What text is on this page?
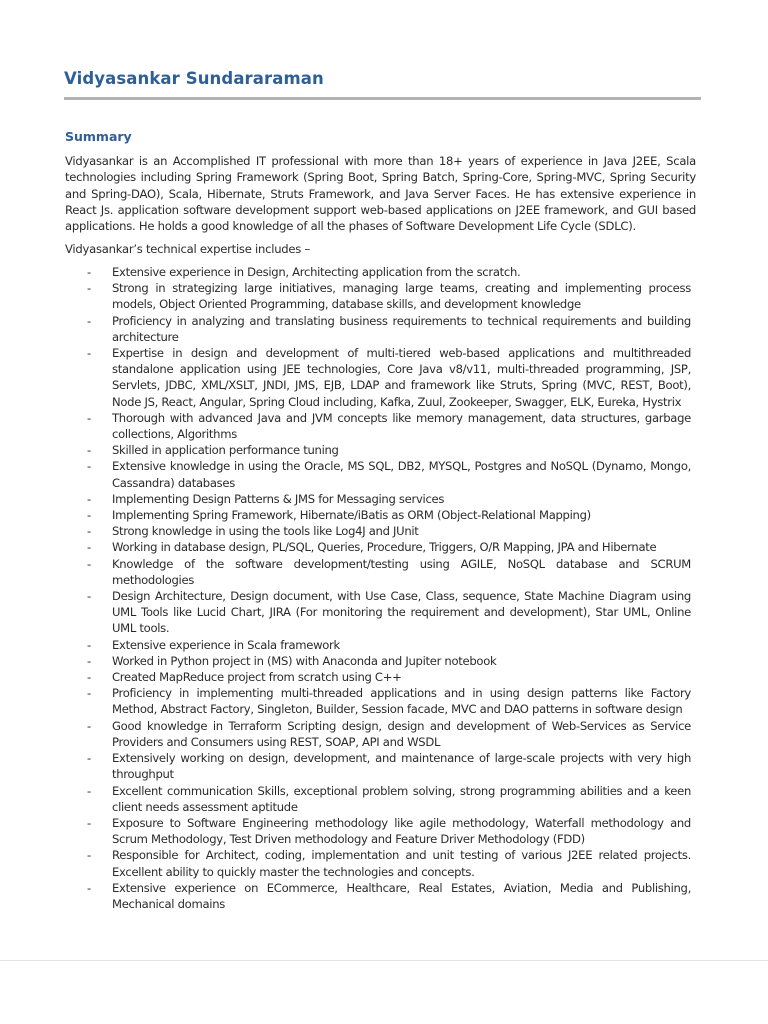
Vidyasankar Sundararaman
Summary
Vidyasankar is an Accomplished IT professional with more than 18+ years of experience in Java J2EE, Scala technologies including Spring Framework (Spring Boot, Spring Batch, Spring-Core, Spring-MVC, Spring Security and Spring-DAO), Scala, Hibernate, Struts Framework, and Java Server Faces. He has extensive experience in React Js. application software development support web-based applications on J2EE framework, and GUI based applications. He holds a good knowledge of all the phases of Software Development Life Cycle (SDLC).
Vidyasankar’s technical expertise includes –
- Extensive experience in Design, Architecting application from the scratch.
- Strong in strategizing large initiatives, managing large teams, creating and implementing process models, Object Oriented Programming, database skills, and development knowledge
- Proficiency in analyzing and translating business requirements to technical requirements and building architecture
- Expertise in design and development of multi-tiered web-based applications and multithreaded standalone application using JEE technologies, Core Java v8/v11, multi-threaded programming, JSP, Servlets, JDBC, XML/XSLT, JNDI, JMS, EJB, LDAP and framework like Struts, Spring (MVC, REST, Boot), Node JS, React, Angular, Spring Cloud including, Kafka, Zuul, Zookeeper, Swagger, ELK, Eureka, Hystrix
- Thorough with advanced Java and JVM concepts like memory management, data structures, garbage collections, Algorithms
- Skilled in application performance tuning
- Extensive knowledge in using the Oracle, MS SQL, DB2, MYSQL, Postgres and NoSQL (Dynamo, Mongo, Cassandra) databases
- Implementing Design Patterns & JMS for Messaging services
- Implementing Spring Framework, Hibernate/iBatis as ORM (Object-Relational Mapping)
- Strong knowledge in using the tools like Log4J and JUnit
- Working in database design, PL/SQL, Queries, Procedure, Triggers, O/R Mapping, JPA and Hibernate
- Knowledge of the software development/testing using AGILE, NoSQL database and SCRUM methodologies
- Design Architecture, Design document, with Use Case, Class, sequence, State Machine Diagram using UML Tools like Lucid Chart, JIRA (For monitoring the requirement and development), Star UML, Online UML tools.
- Extensive experience in Scala framework
- Worked in Python project in (MS) with Anaconda and Jupiter notebook
- Created MapReduce project from scratch using C++
- Proficiency in implementing multi-threaded applications and in using design patterns like Factory Method, Abstract Factory, Singleton, Builder, Session facade, MVC and DAO patterns in software design
- Good knowledge in Terraform Scripting design, design and development of Web-Services as Service Providers and Consumers using REST, SOAP, API and WSDL
- Extensively working on design, development, and maintenance of large-scale projects with very high throughput
- Excellent communication Skills, exceptional problem solving, strong programming abilities and a keen client needs assessment aptitude
- Exposure to Software Engineering methodology like agile methodology, Waterfall methodology and Scrum Methodology, Test Driven methodology and Feature Driver Methodology (FDD)
- Responsible for Architect, coding, implementation and unit testing of various J2EE related projects. Excellent ability to quickly master the technologies and concepts.
- Extensive experience on ECommerce, Healthcare, Real Estates, Aviation, Media and Publishing, Mechanical domains
